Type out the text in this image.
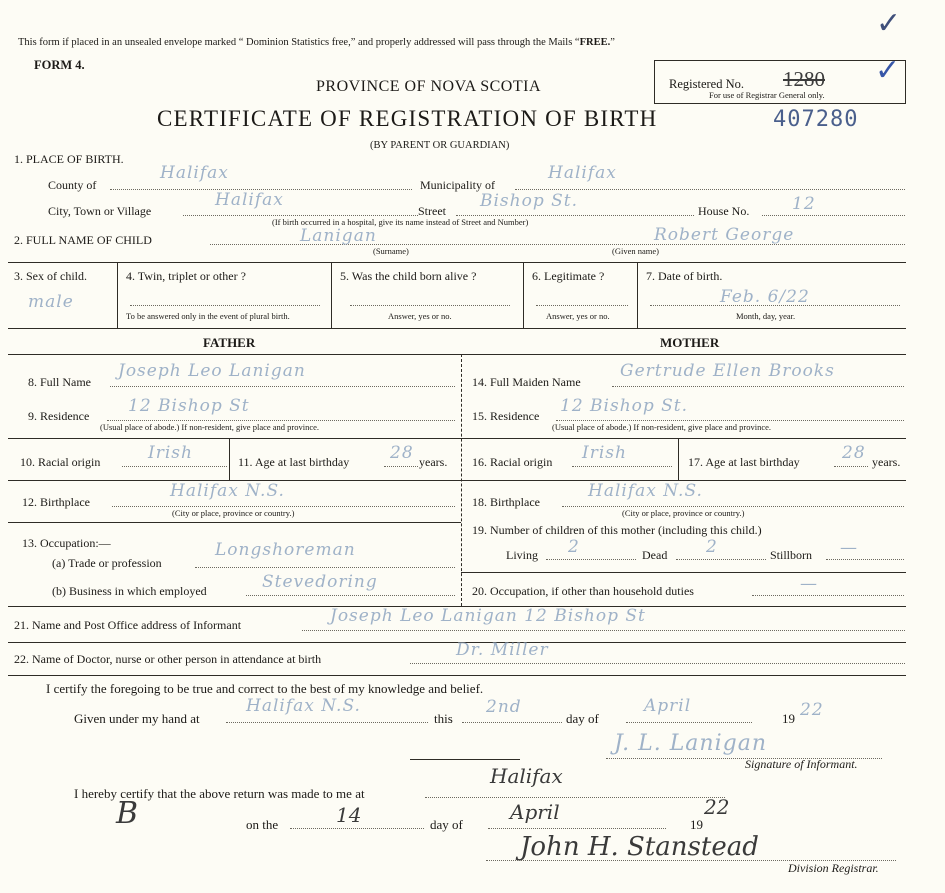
This form if placed in an unsealed envelope marked “ Dominion Statistics free,” and properly addressed will pass through the Mails “FREE.”
✓
FORM 4.
PROVINCE OF NOVA SCOTIA
CERTIFICATE OF REGISTRATION OF BIRTH	407280
(BY PARENT OR GUARDIAN)
Registered No. 1280
For use of Registrar General only.
✓
1. PLACE OF BIRTH.
County of
Halifax
Municipality of
Halifax
City, Town or Village
Halifax
Street Bishop St.	House No.	12
(If birth occurred in a hospital, give its name instead of Street and Number)
2. FULL NAME OF CHILD	Lanigan	Robert George
(Surname)	(Given name)
3. Sex of child.
male
4. Twin, triplet or other ?
To be answered only in the event of plural birth.
5. Was the child born alive ?
Answer, yes or no.
6. Legitimate ?
Answer, yes or no.
7. Date of birth.
Feb. 6/22
Month, day, year.
FATHER	MOTHER
8. Full Name
Joseph Leo Lanigan
9. Residence 12 Bishop St
(Usual place of abode.) If non-resident, give place and province.
10. Racial origin	Irish	11. Age at last birthday 28 years.
12. Birthplace
Halifax N.S.
(City or place, province or country.)
13. Occupation:—
(a) Trade or profession
Longshoreman
(b) Business in which employed	Stevedoring
14. Full Maiden Name
Gertrude Ellen Brooks
15. Residence 12 Bishop St.
(Usual place of abode.) If non-resident, give place and province.
16. Racial origin Irish	17. Age at last birthday 28 years.
18. Birthplace
Halifax N.S.
(City or place, province or country.)
19. Number of children of this mother (including this child.)
Living 2	Dead 2	Stillborn —
20. Occupation, if other than household duties	—
21. Name and Post Office address of Informant	Joseph Leo Lanigan 12 Bishop St
22. Name of Doctor, nurse or other person in attendance at birth	Dr. Miller
I certify the foregoing to be true and correct to the best of my knowledge and belief.
Given under my hand at
Halifax N.S.
this
2nd
day of
April
19 22
J. L. Lanigan
Signature of Informant.
I hereby certify that the above return was made to me at
Halifax
B	on the	14	day of
April
19
22
John H. Stanstead
Division Registrar.
